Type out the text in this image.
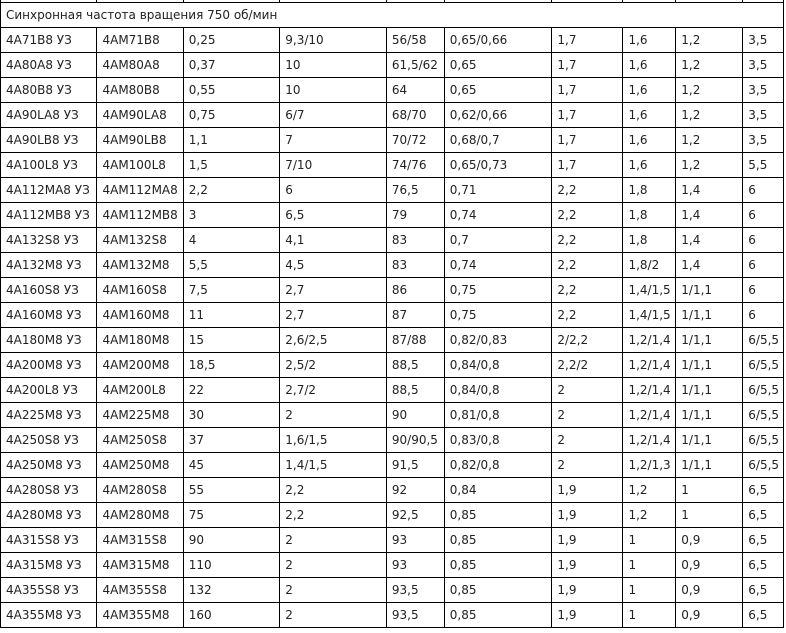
Синхронная частота вращения 750 об/мин									
4А71В8 УЗ	4АМ71В8	0,25	9,3/10	56/58	0,65/0,66	1,7	1,6	1,2	3,5
4А80А8 УЗ	4АМ80А8	0,37	10	61,5/62	0,65	1,7	1,6	1,2	3,5
4А80В8 УЗ	4АМ80В8	0,55	10	64	0,65	1,7	1,6	1,2	3,5
4А90LA8 УЗ	4АМ90LA8	0,75	6/7	68/70	0,62/0,66	1,7	1,6	1,2	3,5
4А90LB8 УЗ	4АМ90LB8	1,1	7	70/72	0,68/0,7	1,7	1,6	1,2	3,5
4А100L8 УЗ	4АМ100L8	1,5	7/10	74/76	0,65/0,73	1,7	1,6	1,2	5,5
4А112МА8 УЗ	4АМ112МА8	2,2	6	76,5	0,71	2,2	1,8	1,4	6
4А112МВ8 УЗ	4АМ112МВ8	3	6,5	79	0,74	2,2	1,8	1,4	6
4А132S8 УЗ	4АМ132S8	4	4,1	83	0,7	2,2	1,8	1,4	6
4А132М8 УЗ	4АМ132М8	5,5	4,5	83	0,74	2,2	1,8/2	1,4	6
4А160S8 УЗ	4АМ160S8	7,5	2,7	86	0,75	2,2	1,4/1,5	1/1,1	6
4А160М8 УЗ	4АМ160М8	11	2,7	87	0,75	2,2	1,4/1,5	1/1,1	6
4А180М8 УЗ	4АМ180М8	15	2,6/2,5	87/88	0,82/0,83	2/2,2	1,2/1,4	1/1,1	6/5,5
4А200М8 УЗ	4АМ200М8	18,5	2,5/2	88,5	0,84/0,8	2,2/2	1,2/1,4	1/1,1	6/5,5
4А200L8 УЗ	4АМ200L8	22	2,7/2	88,5	0,84/0,8	2	1,2/1,4	1/1,1	6/5,5
4А225М8 УЗ	4АМ225М8	30	2	90	0,81/0,8	2	1,2/1,4	1/1,1	6/5,5
4А250S8 УЗ	4АМ250S8	37	1,6/1,5	90/90,5	0,83/0,8	2	1,2/1,4	1/1,1	6/5,5
4А250М8 УЗ	4АМ250М8	45	1,4/1,5	91,5	0,82/0,8	2	1,2/1,3	1/1,1	6/5,5
4А280S8 УЗ	4АМ280S8	55	2,2	92	0,84	1,9	1,2	1	6,5
4А280М8 УЗ	4АМ280М8	75	2,2	92,5	0,85	1,9	1,2	1	6,5
4А315S8 УЗ	4АМ315S8	90	2	93	0,85	1,9	1	0,9	6,5
4А315М8 УЗ	4АМ315М8	110	2	93	0,85	1,9	1	0,9	6,5
4А355S8 УЗ	4АМ355S8	132	2	93,5	0,85	1,9	1	0,9	6,5
4А355М8 УЗ	4АМ355М8	160	2	93,5	0,85	1,9	1	0,9	6,5
